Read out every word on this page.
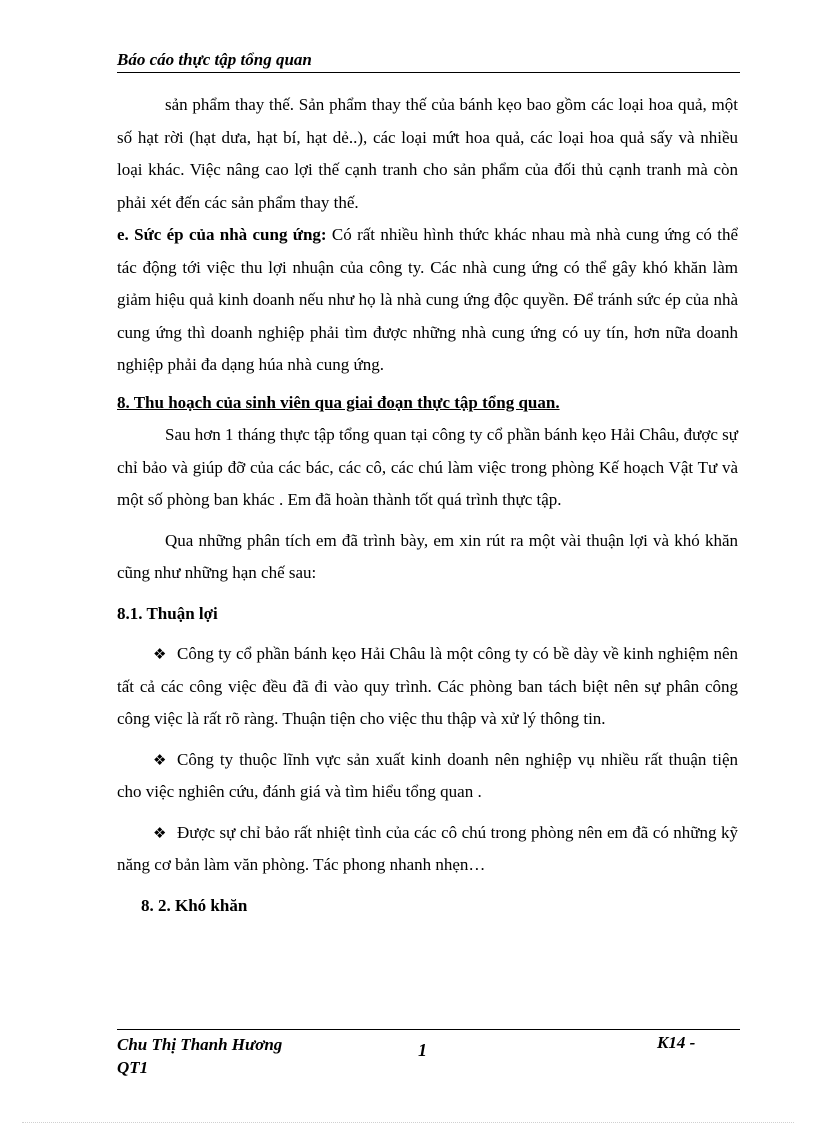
Báo cáo thực tập tổng quan

sản phẩm thay thế. Sản phẩm thay thế của bánh kẹo bao gồm các loại hoa quả, một số hạt rời (hạt dưa, hạt bí, hạt dẻ..), các loại mứt hoa quả, các loại hoa quả sấy và nhiều loại khác. Việc nâng cao lợi thế cạnh tranh cho sản phẩm của đối thủ cạnh tranh mà còn phải xét đến các sản phẩm thay thế.

e. Sức ép của nhà cung ứng: Có rất nhiều hình thức khác nhau mà nhà cung ứng có thể tác động tới việc thu lợi nhuận của công ty. Các nhà cung ứng có thể gây khó khăn làm giảm hiệu quả kinh doanh nếu như họ là nhà cung ứng độc quyền. Để tránh sức ép của nhà cung ứng thì doanh nghiệp phải tìm được những nhà cung ứng có uy tín, hơn nữa doanh nghiệp phải đa dạng húa nhà cung ứng.

8. Thu hoạch của sinh viên qua giai đoạn thực tập tổng quan.

Sau hơn 1 tháng thực tập tổng quan tại công ty cổ phần bánh kẹo Hải Châu, được sự chỉ bảo và giúp đỡ của các bác, các cô, các chú làm việc trong phòng Kế hoạch Vật Tư và một số phòng ban khác . Em đã hoàn thành tốt quá trình thực tập.

Qua những phân tích em đã trình bày, em xin rút ra một vài thuận lợi và khó khăn cũng như những hạn chế sau:

8.1. Thuận lợi

❖ Công ty cổ phần bánh kẹo Hải Châu là một công ty có bề dày về kinh nghiệm nên tất cả các công việc đều đã đi vào quy trình. Các phòng ban tách biệt nên sự phân công công việc là rất rõ ràng. Thuận tiện cho việc thu thập và xử lý thông tin.

❖ Công ty thuộc lĩnh vực sản xuất kinh doanh nên nghiệp vụ nhiều rất thuận tiện cho việc nghiên cứu, đánh giá và tìm hiểu tổng quan .

❖ Được sự chỉ bảo rất nhiệt tình của các cô chú trong phòng nên em đã có những kỹ năng cơ bản làm văn phòng. Tác phong nhanh nhẹn…

8. 2. Khó khăn

Chu Thị Thanh Hương
QT1
1	K14 -
